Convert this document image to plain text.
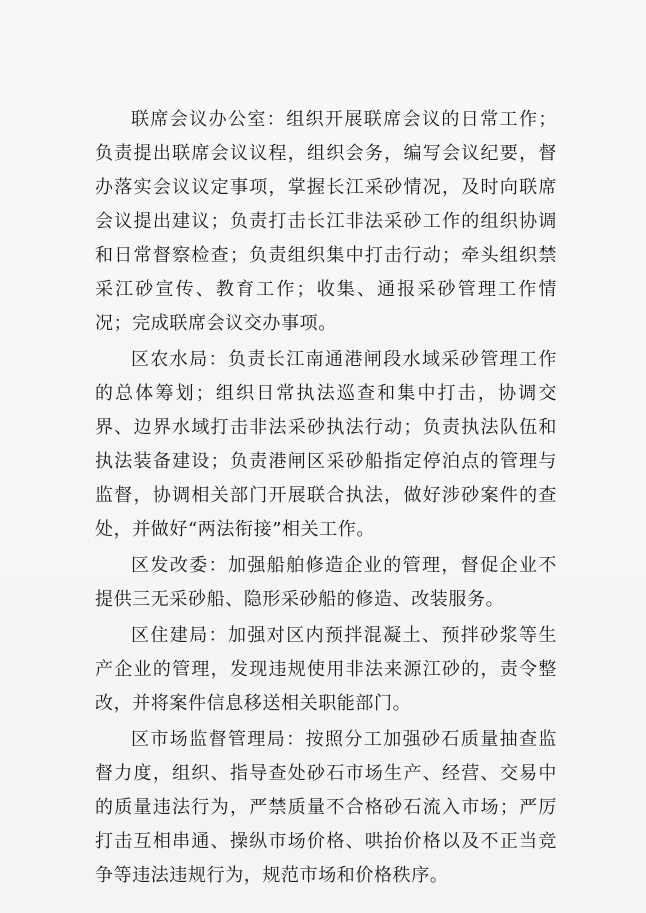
联席会议办公室：组织开展联席会议的日常工作；负责提出联席会议议程，组织会务，编写会议纪要，督办落实会议议定事项，掌握长江采砂情况，及时向联席会议提出建议；负责打击长江非法采砂工作的组织协调和日常督察检查；负责组织集中打击行动；牵头组织禁采江砂宣传、教育工作；收集、通报采砂管理工作情况；完成联席会议交办事项。

区农水局：负责长江南通港闸段水域采砂管理工作的总体筹划；组织日常执法巡查和集中打击，协调交界、边界水域打击非法采砂执法行动；负责执法队伍和执法装备建设；负责港闸区采砂船指定停泊点的管理与监督，协调相关部门开展联合执法，做好涉砂案件的查处，并做好“两法衔接”相关工作。

区发改委：加强船舶修造企业的管理，督促企业不提供三无采砂船、隐形采砂船的修造、改装服务。

区住建局：加强对区内预拌混凝土、预拌砂浆等生产企业的管理，发现违规使用非法来源江砂的，责令整改，并将案件信息移送相关职能部门。

区市场监督管理局：按照分工加强砂石质量抽查监督力度，组织、指导查处砂石市场生产、经营、交易中的质量违法行为，严禁质量不合格砂石流入市场；严厉打击互相串通、操纵市场价格、哄抬价格以及不正当竞争等违法违规行为，规范市场和价格秩序。
